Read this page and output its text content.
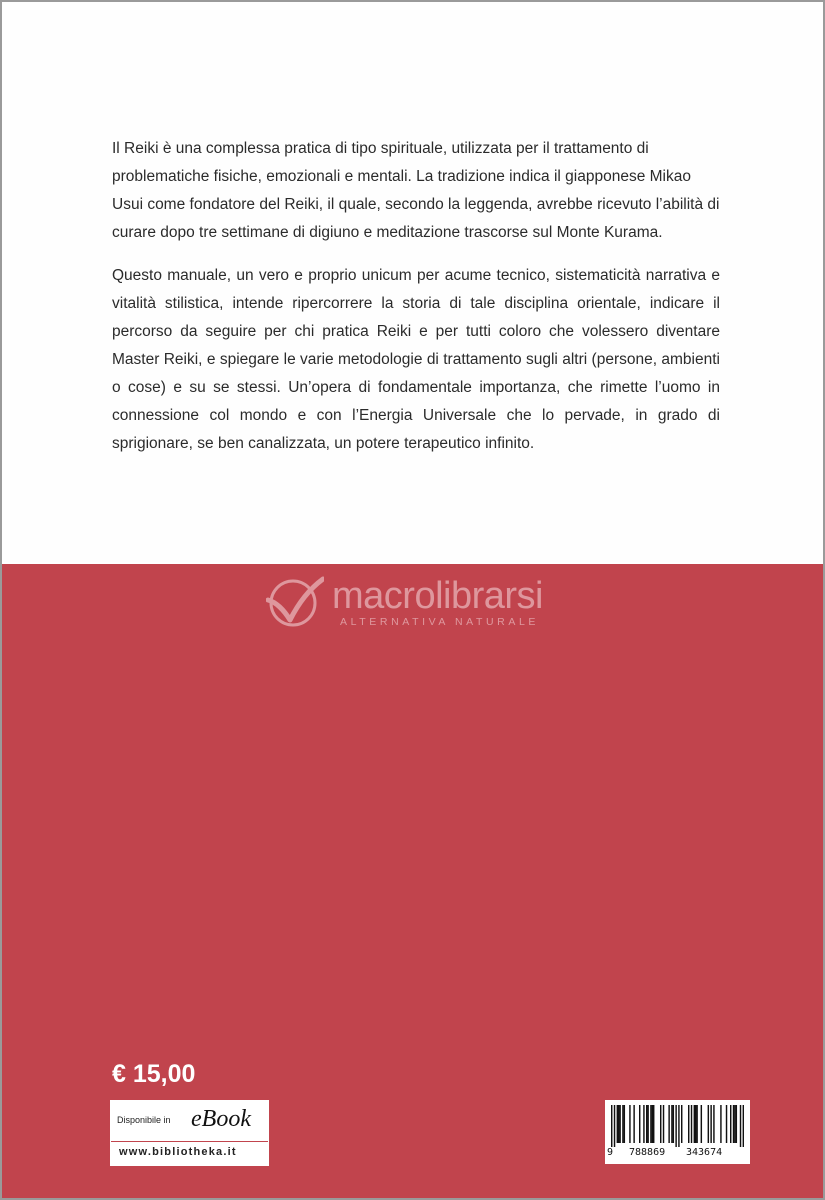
Il Reiki è una complessa pratica di tipo spirituale, utilizzata per il trattamento di problematiche fisiche, emozionali e mentali. La tradizione indica il giapponese Mikao Usui come fondatore del Reiki, il quale, secondo la leggenda, avrebbe ricevuto l’abilità di curare dopo tre settimane di digiuno e meditazione trascorse sul Monte Kurama.

Questo manuale, un vero e proprio unicum per acume tecnico, sistematicità narrativa e vitalità stilistica, intende ripercorrere la storia di tale disciplina orientale, indicare il percorso da seguire per chi pratica Reiki e per tutti coloro che volessero diventare Master Reiki, e spiegare le varie metodologie di trattamento sugli altri (persone, ambienti o cose) e su se stessi. Un’opera di fondamentale importanza, che rimette l’uomo in connessione col mondo e con l’Energia Universale che lo pervade, in grado di sprigionare, se ben canalizzata, un potere terapeutico infinito.

macrolibrarsi
ALTERNATIVA NATURALE
€ 15,00
Disponibile in eBook
www.bibliotheka.it	9 788869 343674
